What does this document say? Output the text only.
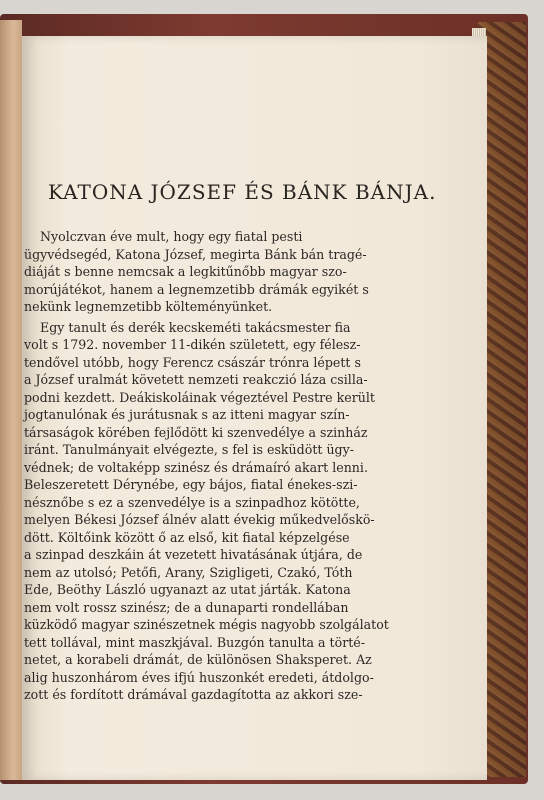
KATONA JÓZSEF ÉS BÁNK BÁNJA.
Nyolczvan éve mult, hogy egy fiatal pesti
ügyvédsegéd, Katona József, megirta Bánk bán tragé-
diáját s benne nemcsak a legkitűnőbb magyar szo-
morújátékot, hanem a legnemzetibb drámák egyikét s
nekünk legnemzetibb költeményünket.
Egy tanult és derék kecskeméti takácsmester fia
volt s 1792. november 11-dikén született, egy félesz-
tendővel utóbb, hogy Ferencz császár trónra lépett s
a József uralmát követett nemzeti reakczió láza csilla-
podni kezdett. Deákiskoláinak végeztével Pestre került
jogtanulónak és jurátusnak s az itteni magyar szín-
társaságok körében fejlődött ki szenvedélye a szinház
iránt. Tanulmányait elvégezte, s fel is esküdött ügy-
védnek; de voltaképp szinész és drámaíró akart lenni.
Beleszeretett Dérynébe, egy bájos, fiatal énekes-szi-
nésznőbe s ez a szenvedélye is a szinpadhoz kötötte,
melyen Békesi József álnév alatt évekig műkedvelőskö-
dött. Költőink között ő az első, kit fiatal képzelgése
a szinpad deszkáin át vezetett hivatásának útjára, de
nem az utolsó; Petőfi, Arany, Szigligeti, Czakó, Tóth
Ede, Beöthy László ugyanazt az utat járták. Katona
nem volt rossz szinész; de a dunaparti rondellában
küzködő magyar szinészetnek mégis nagyobb szolgálatot
tett tollával, mint maszkjával. Buzgón tanulta a törté-
netet, a korabeli drámát, de különösen Shaksperet. Az
alig huszonhárom éves ifjú huszonkét eredeti, átdolgo-
zott és fordított drámával gazdagította az akkori sze-
